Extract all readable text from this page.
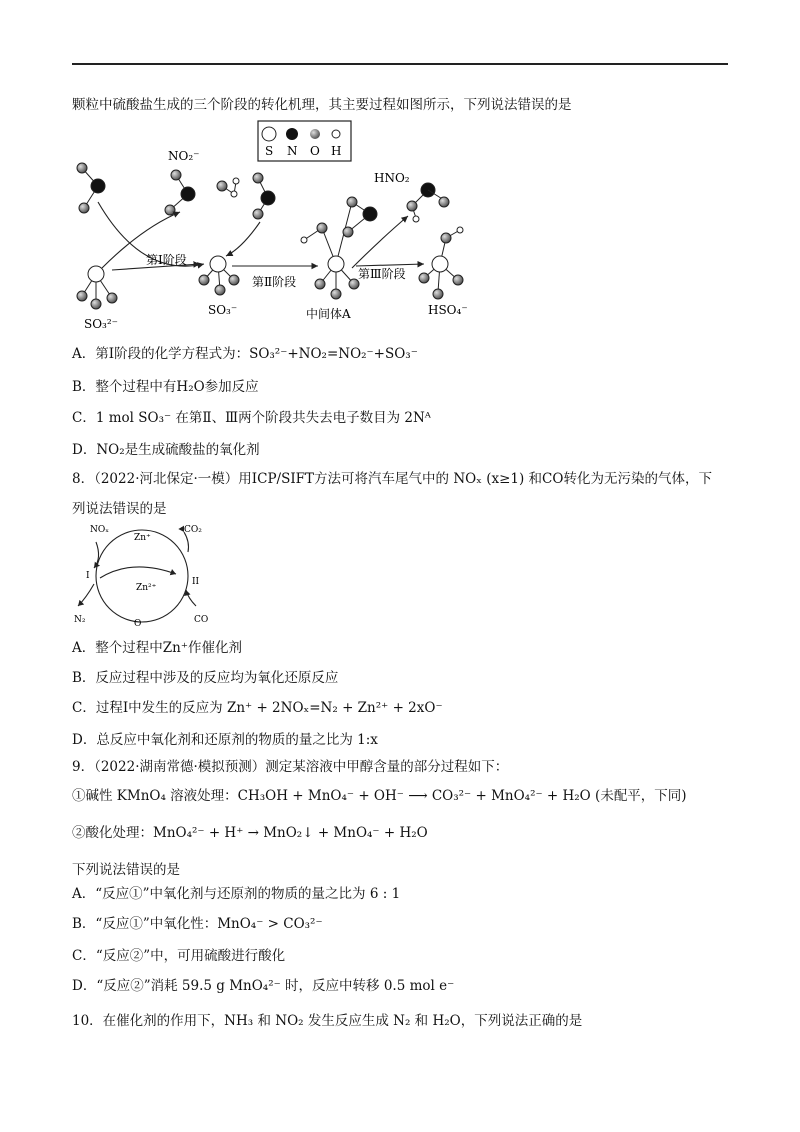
颗粒中硫酸盐生成的三个阶段的转化机理，其主要过程如图所示，下列说法错误的是
S N O H
NO₂⁻
SO₃²⁻
SO₃⁻	中间体A
HNO₂
HSO₄⁻
第Ⅰ阶段
第Ⅱ阶段
第Ⅲ阶段
A．第Ⅰ阶段的化学方程式为：SO₃²⁻+NO₂=NO₂⁻+SO₃⁻
B．整个过程中有H₂O参加反应
C．1 mol SO₃⁻ 在第Ⅱ、Ⅲ两个阶段共失去电子数目为 2Nᴬ
D．NO₂是生成硫酸盐的氧化剂
8．（2022·河北保定·一模）用ICP/SIFT方法可将汽车尾气中的 NOₓ (x≥1) 和CO转化为无污染的气体，下
列说法错误的是
NOₓ
Zn⁺
CO₂
I
II
Zn²⁺
N₂	O⁻	CO
A．整个过程中Zn⁺作催化剂
B．反应过程中涉及的反应均为氧化还原反应
C．过程Ⅰ中发生的反应为 Zn⁺ + 2NOₓ=N₂ + Zn²⁺ + 2xO⁻
D．总反应中氧化剂和还原剂的物质的量之比为 1:x
9．（2022·湖南常德·模拟预测）测定某溶液中甲醇含量的部分过程如下：
①碱性 KMnO₄ 溶液处理：CH₃OH + MnO₄⁻ + OH⁻ ⟶ CO₃²⁻ + MnO₄²⁻ + H₂O (未配平，下同)
②酸化处理：MnO₄²⁻ + H⁺ → MnO₂↓ + MnO₄⁻ + H₂O
下列说法错误的是
A．“反应①”中氧化剂与还原剂的物质的量之比为 6 : 1
B．“反应①”中氧化性：MnO₄⁻ > CO₃²⁻
C．“反应②”中，可用硫酸进行酸化
D．“反应②”消耗 59.5 g MnO₄²⁻ 时，反应中转移 0.5 mol e⁻
10．在催化剂的作用下，NH₃ 和 NO₂ 发生反应生成 N₂ 和 H₂O，下列说法正确的是
